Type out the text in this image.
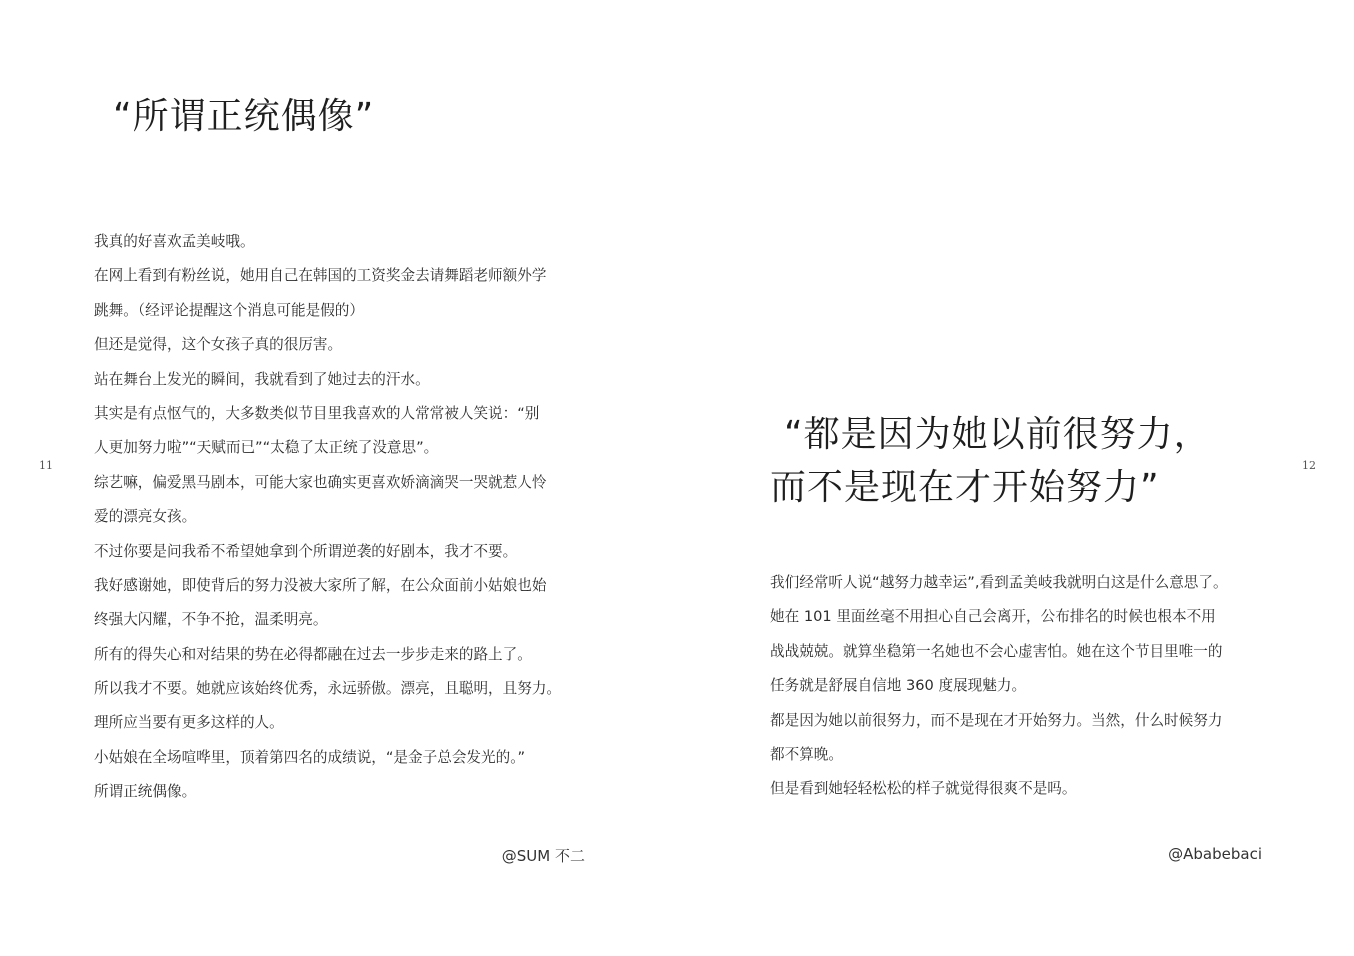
11
“所谓正统偶像”
我真的好喜欢孟美岐哦。
在网上看到有粉丝说，她用自己在韩国的工资奖金去请舞蹈老师额外学
跳舞。（经评论提醒这个消息可能是假的）
但还是觉得，这个女孩子真的很厉害。
站在舞台上发光的瞬间，我就看到了她过去的汗水。
其实是有点怄气的，大多数类似节目里我喜欢的人常常被人笑说：“别
人更加努力啦”“天赋而已”“太稳了太正统了没意思”。
综艺嘛，偏爱黑马剧本，可能大家也确实更喜欢娇滴滴哭一哭就惹人怜
爱的漂亮女孩。
不过你要是问我希不希望她拿到个所谓逆袭的好剧本，我才不要。
我好感谢她，即使背后的努力没被大家所了解，在公众面前小姑娘也始
终强大闪耀，不争不抢，温柔明亮。
所有的得失心和对结果的势在必得都融在过去一步步走来的路上了。
所以我才不要。她就应该始终优秀，永远骄傲。漂亮，且聪明，且努力。
理所应当要有更多这样的人。
小姑娘在全场喧哗里，顶着第四名的成绩说，“是金子总会发光的。”
所谓正统偶像。
@SUM 不二
12
“都是因为她以前很努力，
而不是现在才开始努力”
我们经常听人说“越努力越幸运”,看到孟美岐我就明白这是什么意思了。
她在 101 里面丝毫不用担心自己会离开，公布排名的时候也根本不用
战战兢兢。就算坐稳第一名她也不会心虚害怕。她在这个节目里唯一的
任务就是舒展自信地 360 度展现魅力。
都是因为她以前很努力，而不是现在才开始努力。当然，什么时候努力
都不算晚。
但是看到她轻轻松松的样子就觉得很爽不是吗。
@Ababebaci
